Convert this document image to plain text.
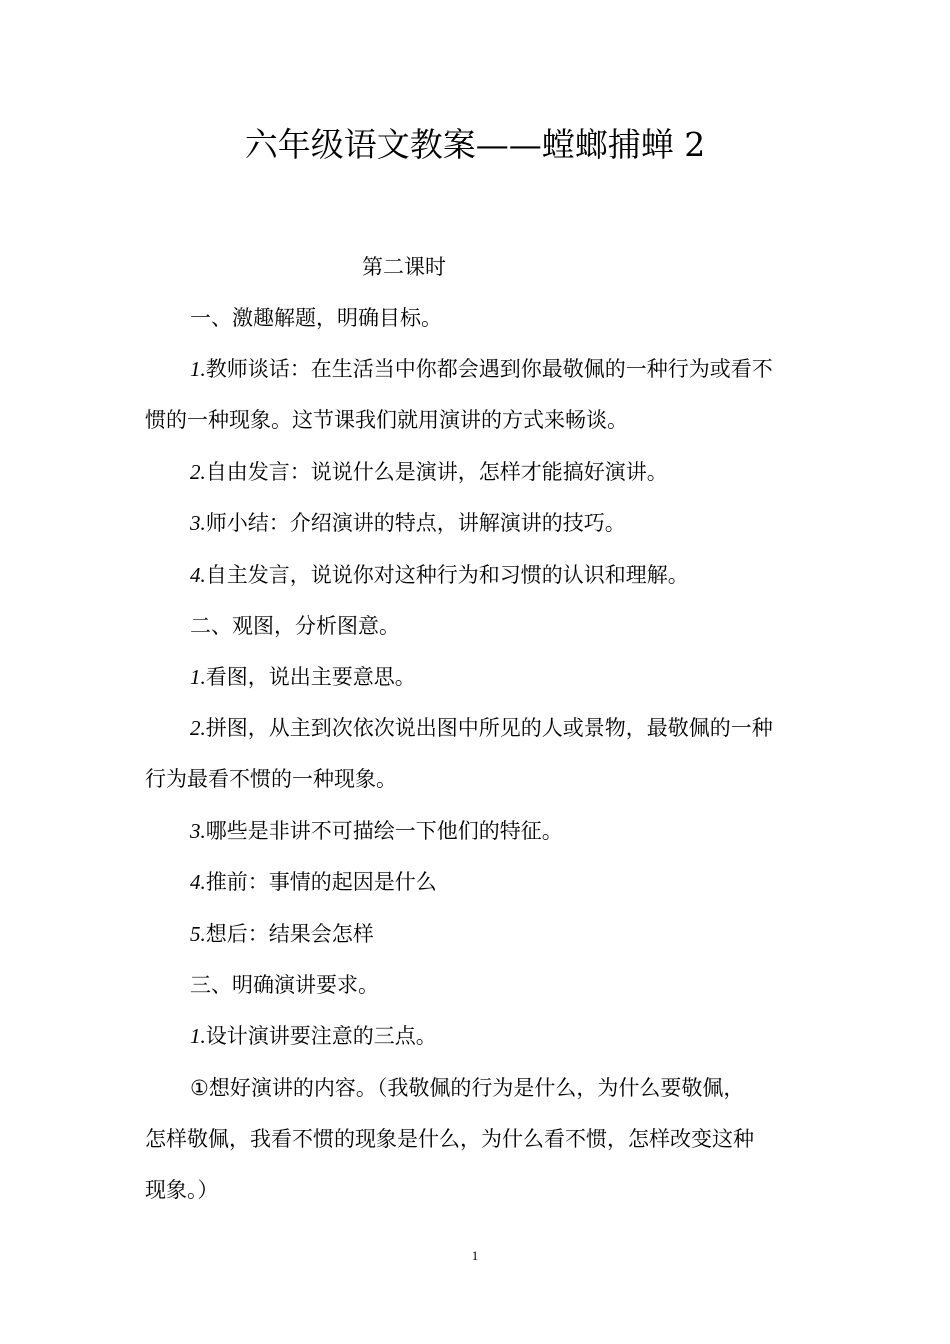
六年级语文教案——螳螂捕蝉 2
第二课时
一、激趣解题，明确目标。
1.教师谈话：在生活当中你都会遇到你最敬佩的一种行为或看不
惯的一种现象。这节课我们就用演讲的方式来畅谈。
2.自由发言：说说什么是演讲，怎样才能搞好演讲。
3.师小结：介绍演讲的特点，讲解演讲的技巧。
4.自主发言，说说你对这种行为和习惯的认识和理解。
二、观图，分析图意。
1.看图，说出主要意思。
2.拼图，从主到次依次说出图中所见的人或景物，最敬佩的一种
行为最看不惯的一种现象。
3.哪些是非讲不可描绘一下他们的特征。
4.推前：事情的起因是什么
5.想后：结果会怎样
三、明确演讲要求。
1.设计演讲要注意的三点。
①想好演讲的内容。（我敬佩的行为是什么，为什么要敬佩，
怎样敬佩，我看不惯的现象是什么，为什么看不惯，怎样改变这种
现象。）
1
